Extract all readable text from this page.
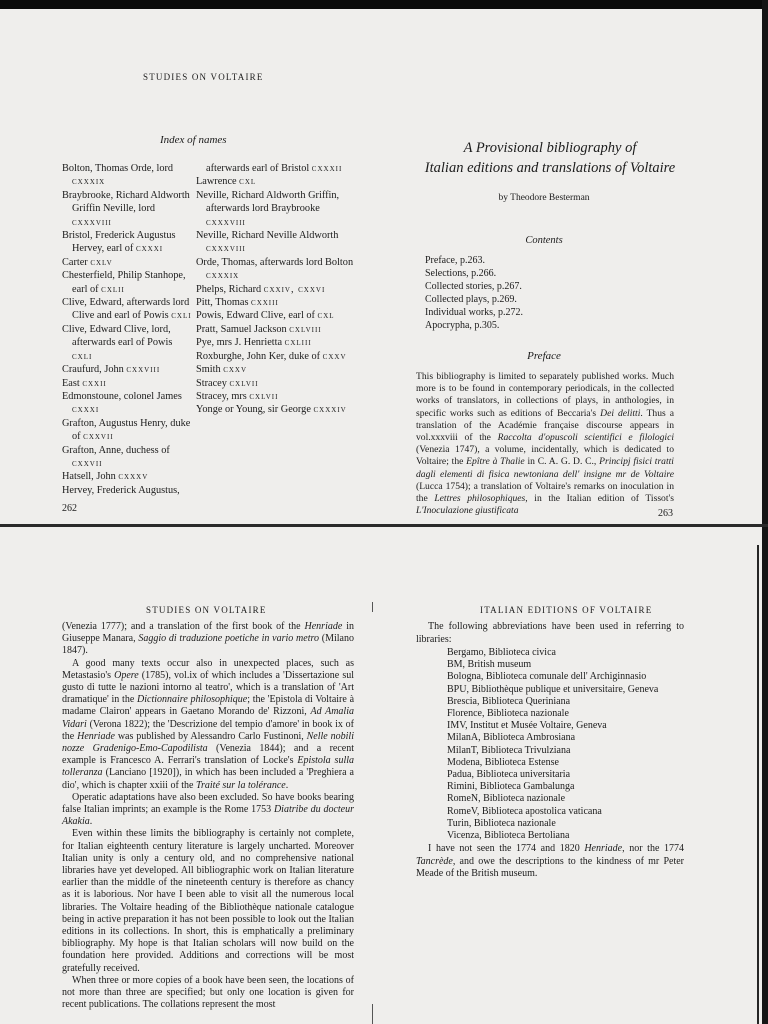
STUDIES ON VOLTAIRE
Index of names

Bolton, Thomas Orde, lord cxxxix

Braybrooke, Richard Aldworth Griffin Neville, lord cxxxviii

Bristol, Frederick Augustus Hervey, earl of cxxxi

Carter cxlv

Chesterfield, Philip Stanhope, earl of cxlii

Clive, Edward, afterwards lord Clive and earl of Powis cxli

Clive, Edward Clive, lord, afterwards earl of Powis cxli

Craufurd, John cxxviii

East cxxii

Edmonstoune, colonel James cxxxi

Grafton, Augustus Henry, duke of cxxvii

Grafton, Anne, duchess of cxxvii

Hatsell, John cxxxv

Hervey, Frederick Augustus,

afterwards earl of Bristol cxxxii

Lawrence cxl

Neville, Richard Aldworth Griffin, afterwards lord Braybrooke cxxxviii

Neville, Richard Neville Aldworth cxxxviii

Orde, Thomas, afterwards lord Bolton cxxxix

Phelps, Richard cxxiv, cxxvi

Pitt, Thomas cxxiii

Powis, Edward Clive, earl of cxl

Pratt, Samuel Jackson cxlviii

Pye, mrs J. Henrietta cxliii

Roxburghe, John Ker, duke of cxxv

Smith cxxv

Stracey cxlvii

Stracey, mrs cxlvii

Yonge or Young, sir George cxxxiv

262
A Provisional bibliography of
Italian editions and translations of Voltaire
by Theodore Besterman
Contents
Preface, p.263.
Selections, p.266.
Collected stories, p.267.
Collected plays, p.269.
Individual works, p.272.
Apocrypha, p.305.
Preface
This bibliography is limited to separately published works. Much more is to be found in contemporary periodicals, in the collected works of translators, in collections of plays, in anthologies, in specific works such as editions of Beccaria's Dei delitti. Thus a translation of the Académie française discourse appears in vol.xxxviii of the Raccolta d'opuscoli scientifici e filologici (Venezia 1747), a volume, incidentally, which is dedicated to Voltaire; the Epître à Thalie in C. A. G. D. C., Principj fisici tratti dagli elementi di fisica newtoniana dell' insigne mr de Voltaire (Lucca 1754); a translation of Voltaire's remarks on inoculation in the Lettres philosophiques, in the Italian edition of Tissot's L'Inoculazione giustificata	263
STUDIES ON VOLTAIRE

(Venezia 1777); and a translation of the first book of the Henriade in Giuseppe Manara, Saggio di traduzione poetiche in vario metro (Milano 1847).

A good many texts occur also in unexpected places, such as Metastasio's Opere (1785), vol.ix of which includes a 'Dissertazione sul gusto di tutte le nazioni intorno al teatro', which is a translation of 'Art dramatique' in the Dictionnaire philosophique; the 'Epistola di Voltaire à madame Clairon' appears in Gaetano Morando de' Rizzoni, Ad Amalia Vidari (Verona 1822); the 'Descrizione del tempio d'amore' in book ix of the Henriade was published by Alessandro Carlo Fustinoni, Nelle nobili nozze Gradenigo-Emo-Capodilista (Venezia 1844); and a recent example is Francesco A. Ferrari's translation of Locke's Epistola sulla tolleranza (Lanciano [1920]), in which has been included a 'Preghiera a dio', which is chapter xxiii of the Traité sur la tolérance.

Operatic adaptations have also been excluded. So have books bearing false Italian imprints; an example is the Rome 1753 Diatribe du docteur Akakia.

Even within these limits the bibliography is certainly not complete, for Italian eighteenth century literature is largely uncharted. Moreover Italian unity is only a century old, and no comprehensive national libraries have yet developed. All bibliographic work on Italian literature earlier than the middle of the nineteenth century is therefore as chancy as it is laborious. Nor have I been able to visit all the numerous local libraries. The Voltaire heading of the Bibliothèque nationale catalogue being in active preparation it has not been possible to look out the Italian editions in its collections. In short, this is emphatically a preliminary bibliography. My hope is that Italian scholars will now build on the foundation here provided. Additions and corrections will be most gratefully received.

When three or more copies of a book have been seen, the locations of not more than three are specified; but only one location is given for recent publications. The collations represent the most

ITALIAN EDITIONS OF VOLTAIRE

The following abbreviations have been used in referring to libraries:

Bergamo, Biblioteca civica
BM, British museum
Bologna, Biblioteca comunale dell' Archiginnasio
BPU, Bibliothèque publique et universitaire, Geneva
Brescia, Biblioteca Queriniana
Florence, Biblioteca nazionale
IMV, Institut et Musée Voltaire, Geneva
MilanA, Biblioteca Ambrosiana
MilanT, Biblioteca Trivulziana
Modena, Biblioteca Estense
Padua, Biblioteca universitaria
Rimini, Biblioteca Gambalunga
RomeN, Biblioteca nazionale
RomeV, Biblioteca apostolica vaticana
Turin, Biblioteca nazionale
Vicenza, Biblioteca Bertoliana

I have not seen the 1774 and 1820 Henriade, nor the 1774 Tancrède, and owe the descriptions to the kindness of mr Peter Meade of the British museum.
